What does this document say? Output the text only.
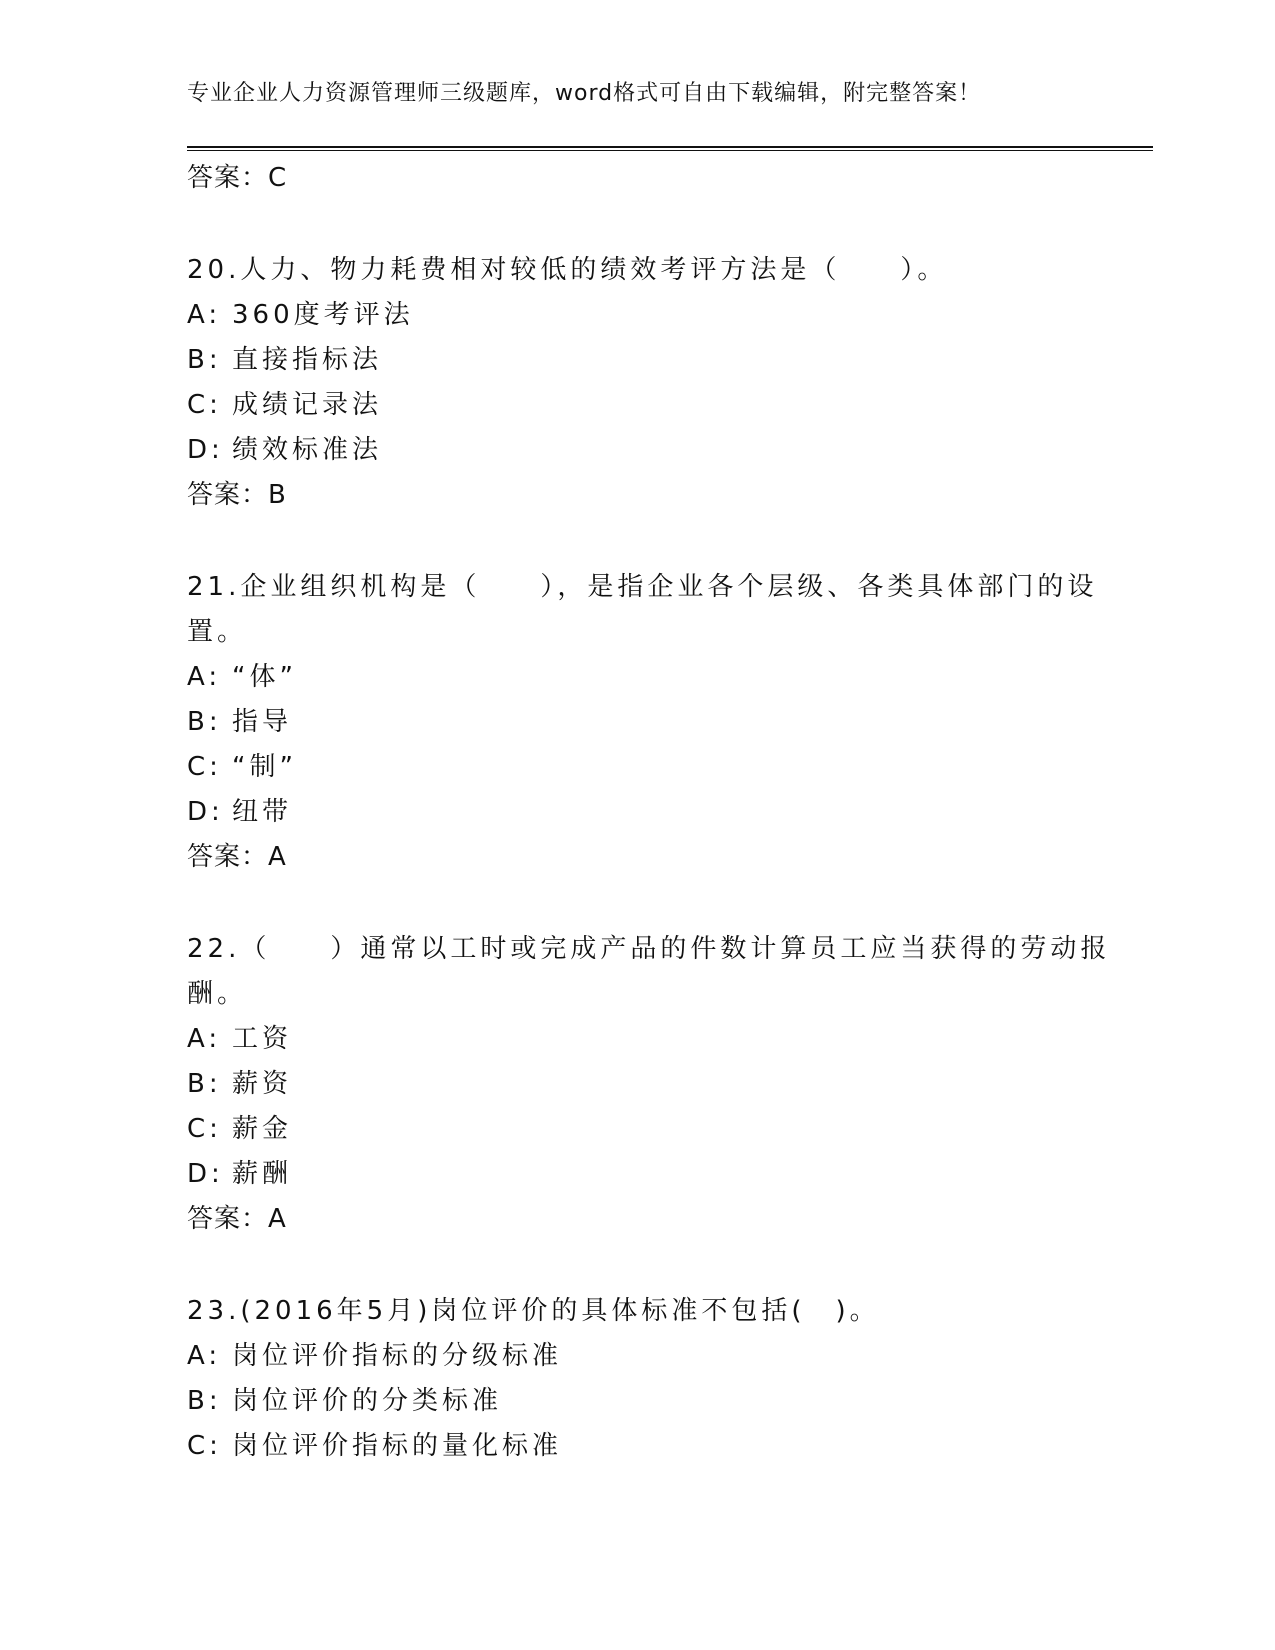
专业企业人力资源管理师三级题库，word格式可自由下载编辑，附完整答案！
答案：C
20.人力、物力耗费相对较低的绩效考评方法是（　　）。
A: 360度考评法
B: 直接指标法
C: 成绩记录法
D: 绩效标准法
答案：B
21.企业组织机构是（　　），是指企业各个层级、各类具体部门的设
置。
A: “体”
B: 指导
C: “制”
D: 纽带
答案：A
22.（　　）通常以工时或完成产品的件数计算员工应当获得的劳动报
酬。
A: 工资
B: 薪资
C: 薪金
D: 薪酬
答案：A
23.(2016年5月)岗位评价的具体标准不包括(　)。
A: 岗位评价指标的分级标准
B: 岗位评价的分类标准
C: 岗位评价指标的量化标准
